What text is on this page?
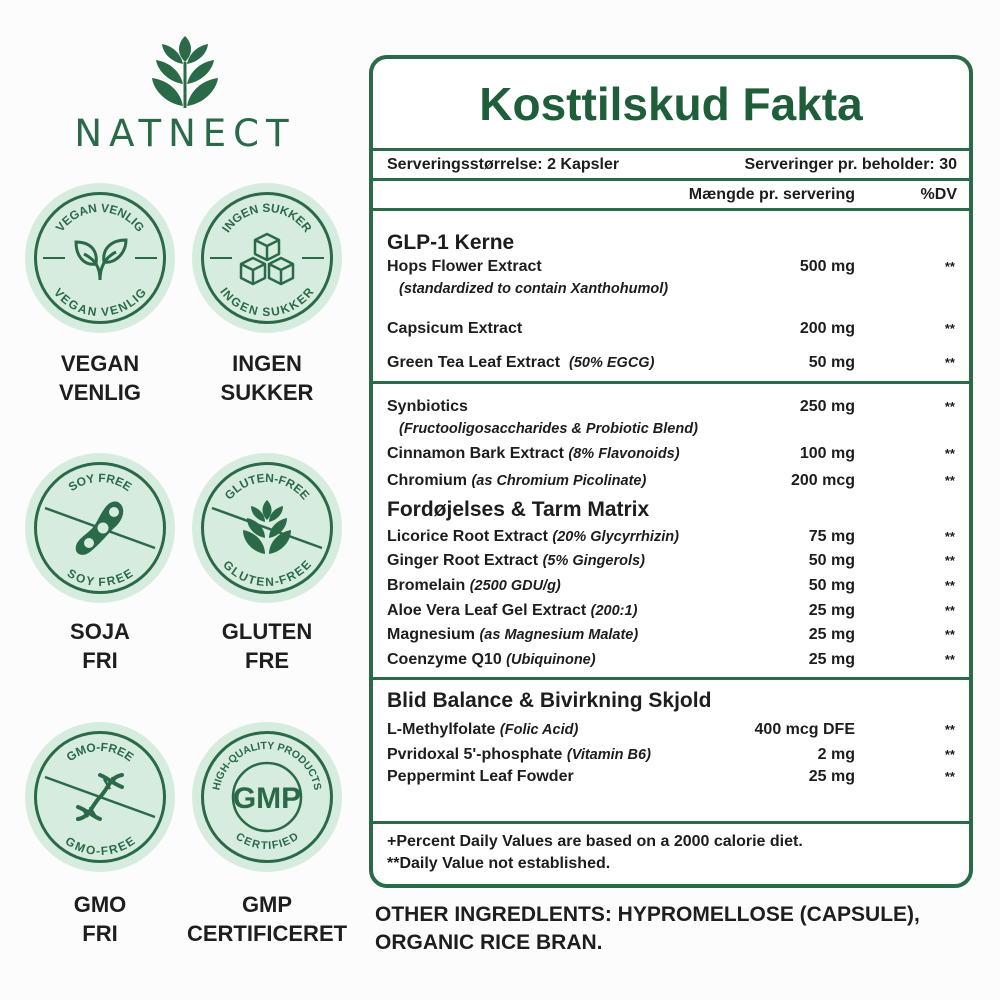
NATNECT
VEGAN VENLIG
VEGAN VENLIG
VEGAN
VENLIG
INGEN SUKKER
INGEN SUKKER
INGEN
SUKKER
SOY FREE
SOY FREE
SOJA
FRI
GLUTEN-FREE
GLUTEN-FREE
GLUTEN
FRE
GMO-FREE
GMO-FREE
GMO
FRI
HIGH-QUALITY PRODUCTS
CERTIFIED
GMP
GMP
CERTIFICERET
Kosttilskud Fakta
Serveringsstørrelse: 2 Kapsler	Serveringer pr. beholder: 30
Mængde pr. servering	%DV
GLP-1 Kerne
Hops Flower Extract	500 mg	**
(standardized to contain Xanthohumol)
Capsicum Extract	200 mg	**
Green Tea Leaf Extract (50% EGCG)	50 mg	**
Synbiotics	250 mg	**
(Fructooligosaccharides & Probiotic Blend)
Cinnamon Bark Extract (8% Flavonoids)	100 mg	**
Chromium (as Chromium Picolinate)	200 mcg	**
Fordøjelses & Tarm Matrix
Licorice Root Extract (20% Glycyrrhizin)	75 mg	**
Ginger Root Extract (5% Gingerols)	50 mg	**
Bromelain (2500 GDU/g)	50 mg	**
Aloe Vera Leaf Gel Extract (200:1)	25 mg	**
Magnesium (as Magnesium Malate)	25 mg	**
Coenzyme Q10 (Ubiquinone)	25 mg	**
Blid Balance & Bivirkning Skjold
L-Methylfolate (Folic Acid)	400 mcg DFE	**
Pvridoxal 5'-phosphate (Vitamin B6)	2 mg	**
Peppermint Leaf Fowder	25 mg	**
+Percent Daily Values are based on a 2000 calorie diet.
**Daily Value not established.
OTHER INGREDLENTS: HYPROMELLOSE (CAPSULE),
ORGANIC RICE BRAN.
